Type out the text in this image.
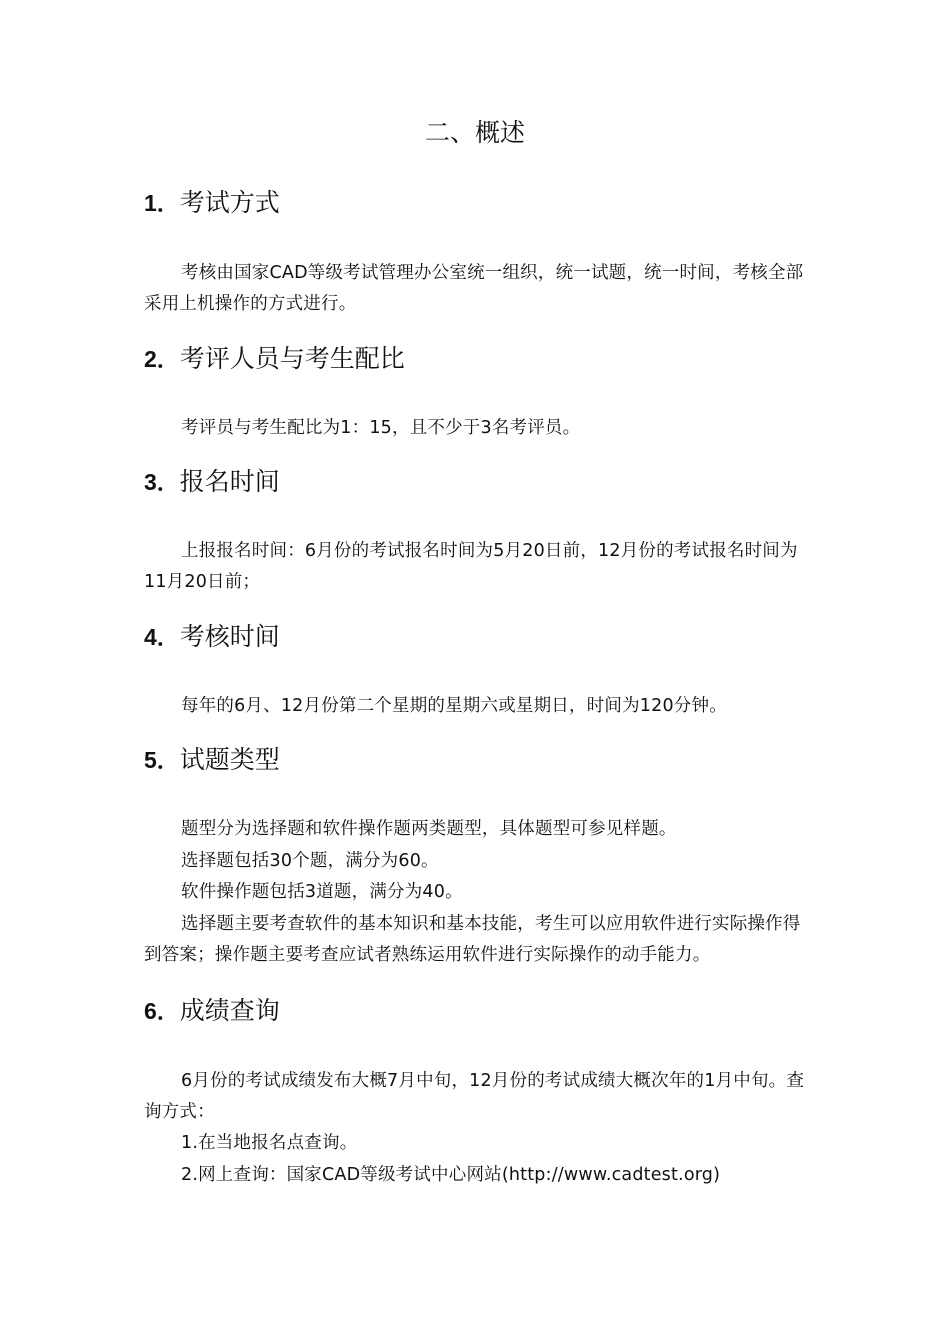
二、概述
1．考试方式

考核由国家CAD等级考试管理办公室统一组织，统一试题，统一时间，考核全部采用上机操作的方式进行。

2．考评人员与考生配比

考评员与考生配比为1：15，且不少于3名考评员。

3．报名时间

上报报名时间：6月份的考试报名时间为5月20日前，12月份的考试报名时间为11月20日前；

4．考核时间

每年的6月、12月份第二个星期的星期六或星期日，时间为120分钟。

5．试题类型

题型分为选择题和软件操作题两类题型，具体题型可参见样题。

选择题包括30个题，满分为60。

软件操作题包括3道题，满分为40。

选择题主要考查软件的基本知识和基本技能，考生可以应用软件进行实际操作得到答案；操作题主要考查应试者熟练运用软件进行实际操作的动手能力。

6．成绩查询

6月份的考试成绩发布大概7月中旬，12月份的考试成绩大概次年的1月中旬。查询方式：

1.在当地报名点查询。

2.网上查询：国家CAD等级考试中心网站(http://www.cadtest.org)
